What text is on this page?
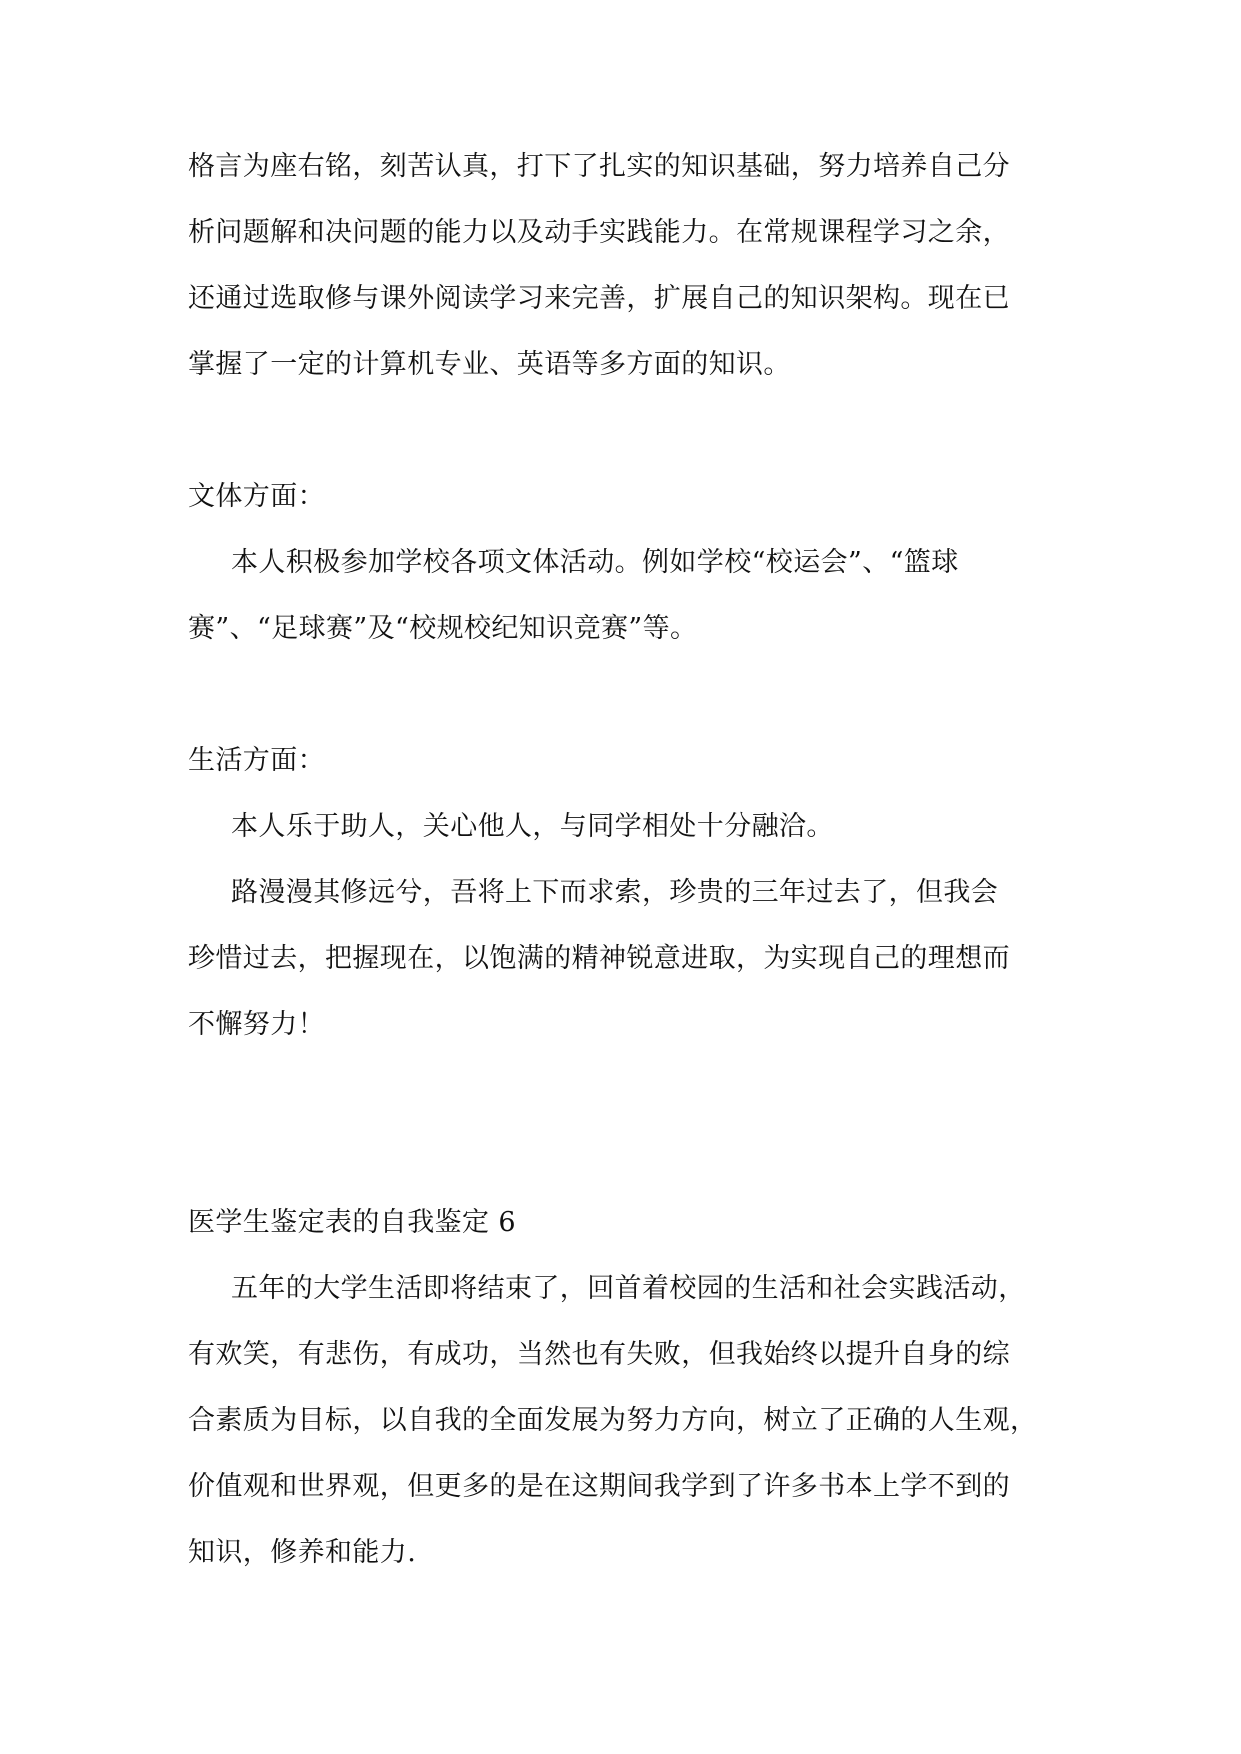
格言为座右铭，刻苦认真，打下了扎实的知识基础，努力培养自己分
析问题解和决问题的能力以及动手实践能力。在常规课程学习之余，
还通过选取修与课外阅读学习来完善，扩展自己的知识架构。现在已
掌握了一定的计算机专业、英语等多方面的知识。
文体方面：
本人积极参加学校各项文体活动。例如学校“校运会”、“篮球
赛”、“足球赛”及“校规校纪知识竞赛”等。
生活方面：
本人乐于助人，关心他人，与同学相处十分融洽。
路漫漫其修远兮，吾将上下而求索，珍贵的三年过去了，但我会
珍惜过去，把握现在，以饱满的精神锐意进取，为实现自己的理想而
不懈努力！
医学生鉴定表的自我鉴定 6
五年的大学生活即将结束了，回首着校园的生活和社会实践活动，
有欢笑，有悲伤，有成功，当然也有失败，但我始终以提升自身的综
合素质为目标，以自我的全面发展为努力方向，树立了正确的人生观，
价值观和世界观，但更多的是在这期间我学到了许多书本上学不到的
知识，修养和能力.
